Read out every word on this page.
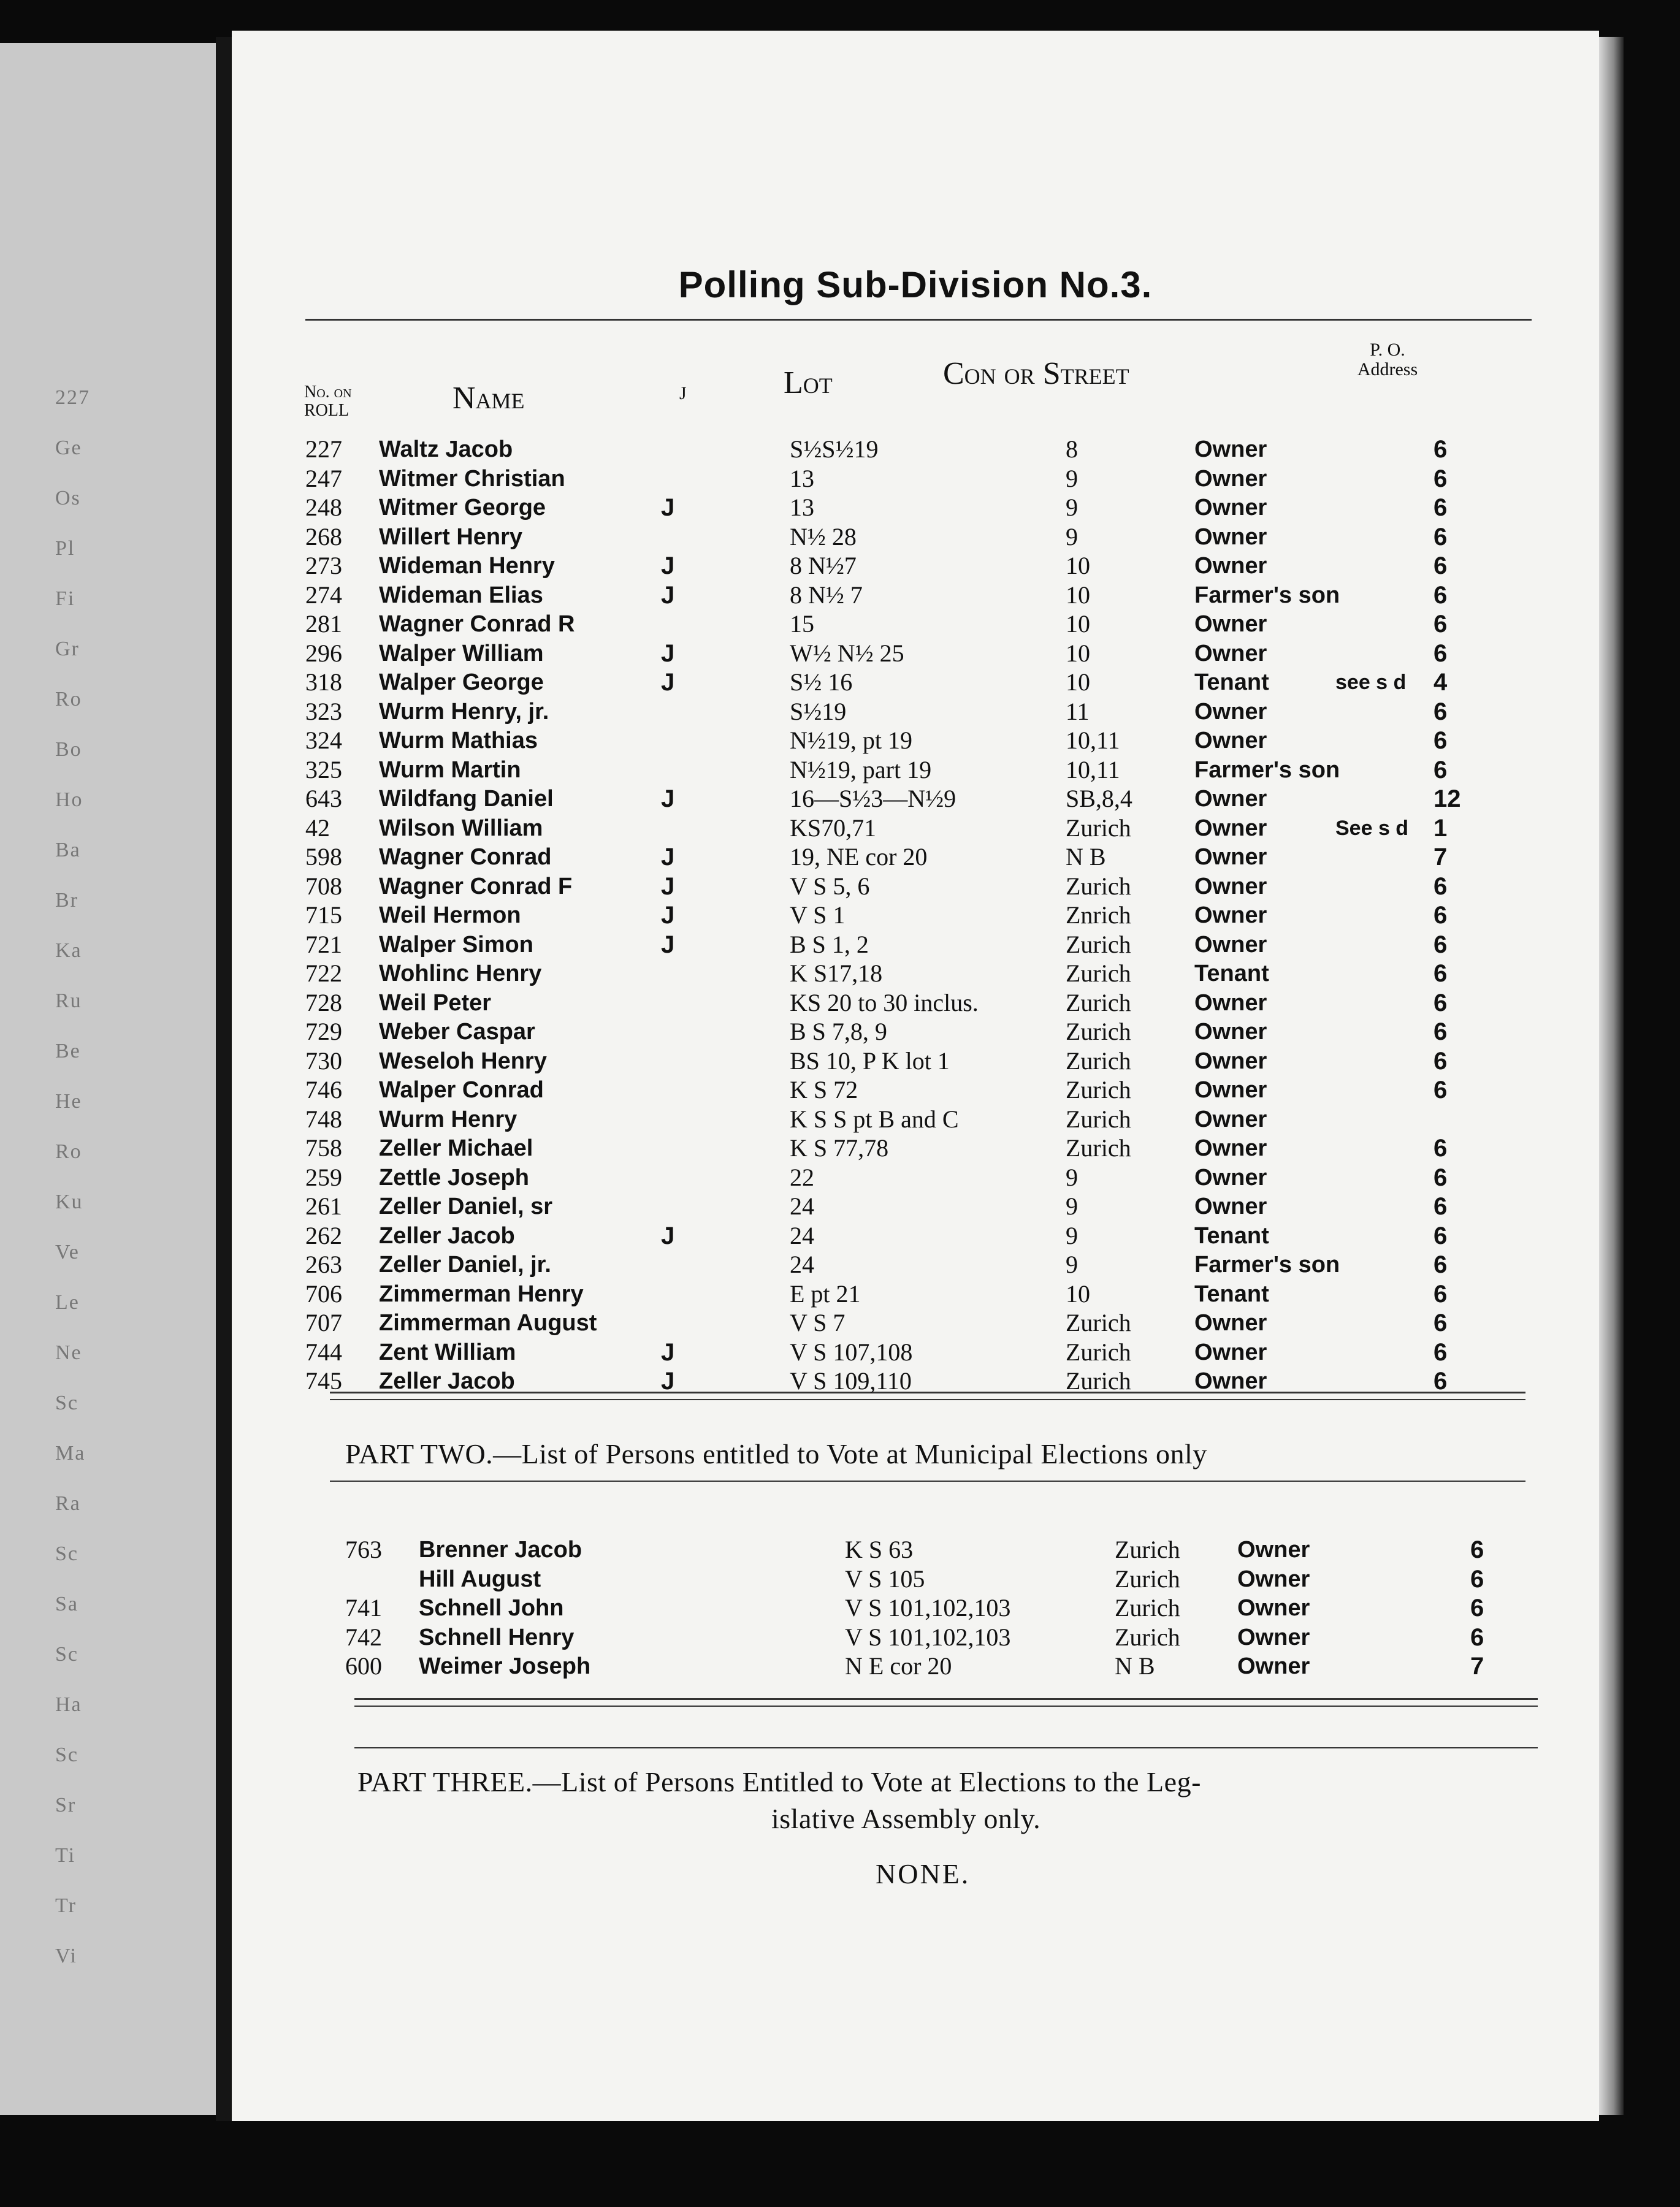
227
Ge
Os
Pl
Fi
Gr
Ro
Bo
Ho
Ba
Br
Ka
Ru
Be
He
Ro
Ku
Ve
Le
Ne
Sc
Ma
Ra
Sc
Sa
Sc
Ha
Sc
Sr
Ti
Tr
Vi
Polling Sub-Division No.3.
No. on ROLL	Name	J	Lot	Con or Street
P. O. Address
PART TWO.—List of Persons entitled to Vote at Municipal Elections only
PART THREE.—List of Persons Entitled to Vote at Elections to the Leg-
islative Assembly only.
NONE.
227 Waltz Jacob	S½S½19	8	Owner	6
247 Witmer Christian	13	9	Owner	6
248 Witmer George	J	13	9	Owner	6
268 Willert Henry	N½ 28	9	Owner	6
273 Wideman Henry	J	8 N½7	10	Owner	6
274 Wideman Elias	J	8 N½ 7	10	Farmer's son	6
281 Wagner Conrad R	15	10	Owner	6
296 Walper William	J	W½ N½ 25	10	Owner	6
318 Walper George	J	S½ 16	10	Tenant	see s d 4
323 Wurm Henry, jr.	S½19	11	Owner	6
324 Wurm Mathias	N½19, pt 19	10,11	Owner	6
325 Wurm Martin	N½19, part 19	10,11	Farmer's son	6
643 Wildfang Daniel	J	16—S½3—N½9	SB,8,4	Owner	12
42 Wilson William	KS70,71	Zurich	Owner	See s d 1
598 Wagner Conrad	J	19, NE cor 20	N B	Owner	7
708 Wagner Conrad F	J	V S 5, 6	Zurich	Owner	6
715 Weil Hermon	J	V S 1	Znrich	Owner	6
721 Walper Simon	J	B S 1, 2	Zurich	Owner	6
722 Wohlinc Henry	K S17,18	Zurich	Tenant	6
728 Weil Peter	KS 20 to 30 inclus.	Zurich	Owner	6
729 Weber Caspar	B S 7,8, 9	Zurich	Owner	6
730 Weseloh Henry	BS 10, P K lot 1	Zurich	Owner	6
746 Walper Conrad	K S 72	Zurich	Owner	6
748 Wurm Henry	K S S pt B and C	Zurich	Owner
758 Zeller Michael	K S 77,78	Zurich	Owner	6
259 Zettle Joseph	22	9	Owner	6
261 Zeller Daniel, sr	24	9	Owner	6
262 Zeller Jacob	J	24	9	Tenant	6
263 Zeller Daniel, jr.	24	9	Farmer's son	6
706 Zimmerman Henry	E pt 21	10	Tenant	6
707 Zimmerman August	V S 7	Zurich	Owner	6
744 Zent William	J	V S 107,108	Zurich	Owner	6
745 Zeller Jacob	J	V S 109,110	Zurich	Owner	6
763 Brenner Jacob	K S 63	Zurich Owner	6
Hill August	V S 105	Zurich Owner	6
741 Schnell John	V S 101,102,103	Zurich Owner	6
742 Schnell Henry	V S 101,102,103	Zurich Owner	6
600 Weimer Joseph	N E cor 20	N B	Owner	7
